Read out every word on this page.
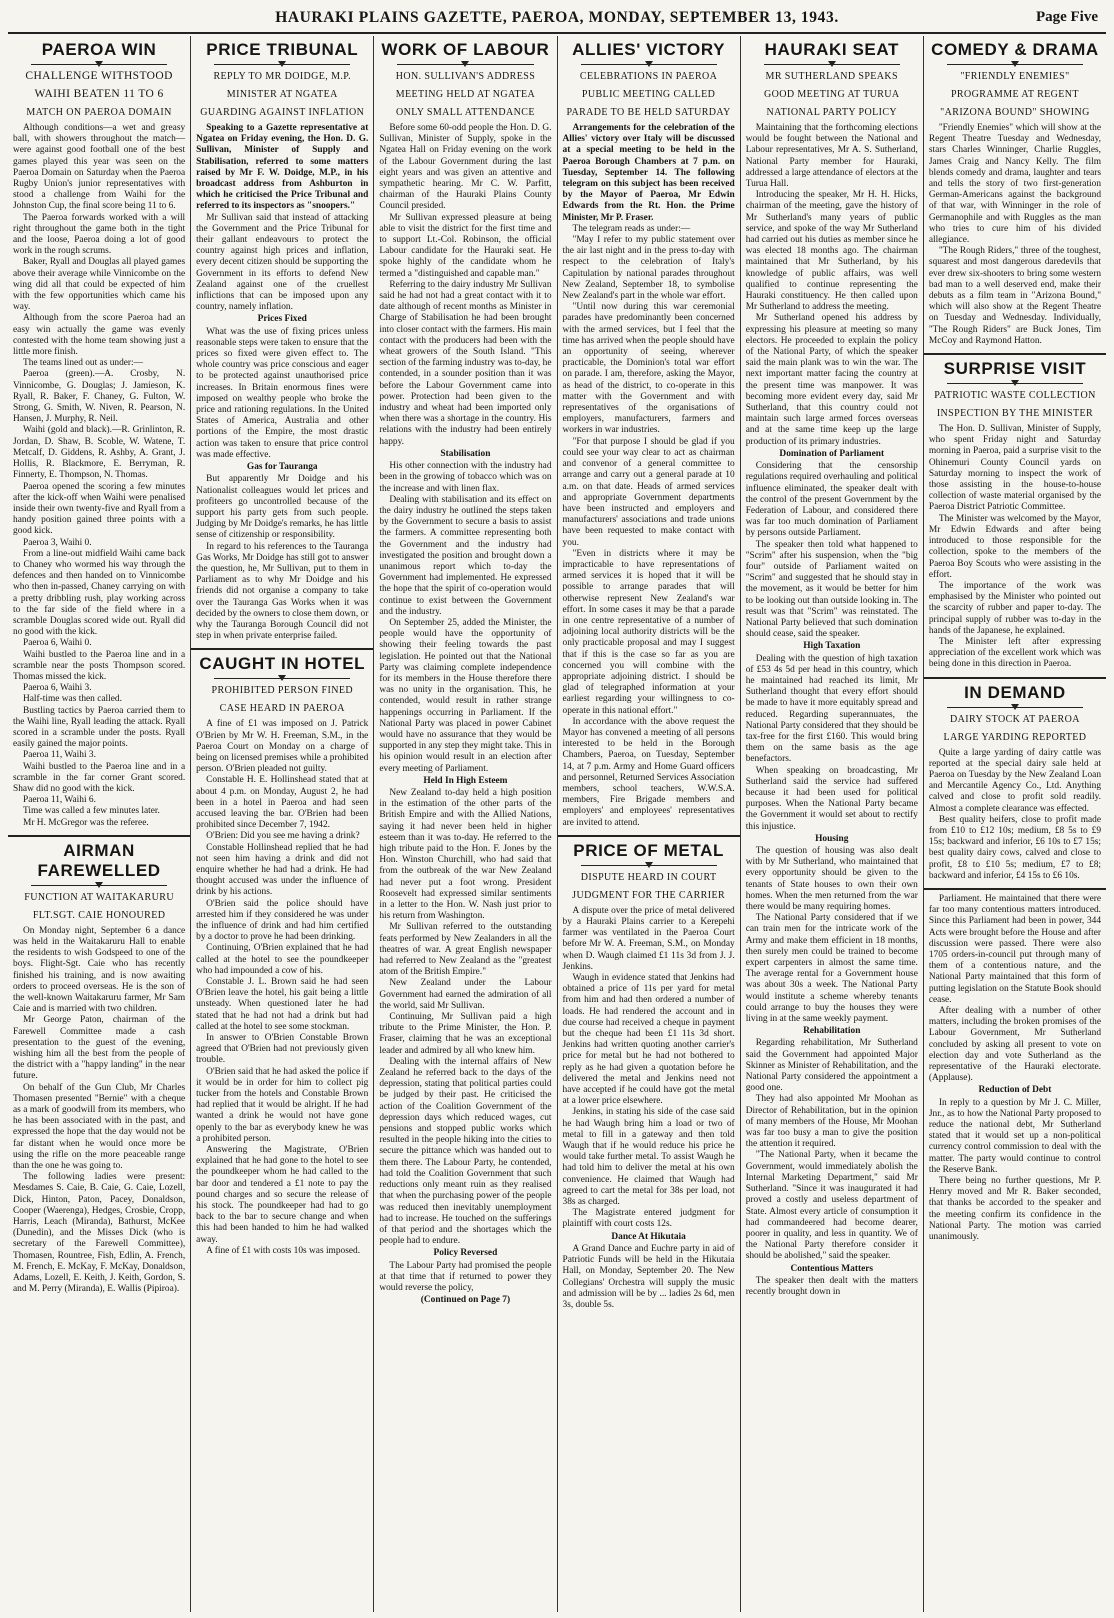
HAURAKI PLAINS GAZETTE, PAEROA, MONDAY, SEPTEMBER 13, 1943.	Page Five
PAEROA WIN
CHALLENGE WITHSTOOD
WAIHI BEATEN 11 TO 6
MATCH ON PAEROA DOMAIN

Although conditions—a wet and greasy ball, with showers throughout the match—were against good football one of the best games played this year was seen on the Paeroa Domain on Saturday when the Paeroa Rugby Union's junior representatives with stood a challenge from Waihi for the Johnston Cup, the final score being 11 to 6.

The Paeroa forwards worked with a will right throughout the game both in the tight and the loose, Paeroa doing a lot of good work in the rough scrums.

Baker, Ryall and Douglas all played games above their average while Vinnicombe on the wing did all that could be expected of him with the few opportunities which came his way.

Although from the score Paeroa had an easy win actually the game was evenly contested with the home team showing just a little more finish.

The teams lined out as under:—

Paeroa (green).—A. Crosby, N. Vinnicombe, G. Douglas; J. Jamieson, K. Ryall, R. Baker, F. Chaney, G. Fulton, W. Strong, G. Smith, W. Niven, R. Pearson, N. Hansen, J. Murphy, R. Neil.

Waihi (gold and black).—R. Grinlinton, R. Jordan, D. Shaw, B. Scoble, W. Watene, T. Metcalf, D. Giddens, R. Ashby, A. Grant, J. Hollis, R. Blackmore, E. Berryman, R. Finnerty, E. Thompson, N. Thomas.

Paeroa opened the scoring a few minutes after the kick-off when Waihi were penalised inside their own twenty-five and Ryall from a handy position gained three points with a good kick.

Paeroa 3, Waihi 0.

From a line-out midfield Waihi came back to Chaney who wormed his way through the defences and then handed on to Vinnicombe who then in-passed, Chaney carrying on with a pretty dribbling rush, play working across to the far side of the field where in a scramble Douglas scored wide out. Ryall did no good with the kick.

Paeroa 6, Waihi 0.

Waihi bustled to the Paeroa line and in a scramble near the posts Thompson scored. Thomas missed the kick.

Paeroa 6, Waihi 3.

Half-time was then called.

Bustling tactics by Paeroa carried them to the Waihi line, Ryall leading the attack. Ryall scored in a scramble under the posts. Ryall easily gained the major points.

Paeroa 11, Waihi 3.

Waihi bustled to the Paeroa line and in a scramble in the far corner Grant scored. Shaw did no good with the kick.

Paeroa 11, Waihi 6.

Time was called a few minutes later.

Mr H. McGregor was the referee.

AIRMAN FAREWELLED
FUNCTION AT WAITAKARURU
FLT.SGT. CAIE HONOURED

On Monday night, September 6 a dance was held in the Waitakaruru Hall to enable the residents to wish Godspeed to one of the boys. Flight-Sgt. Caie who has recently finished his training, and is now awaiting orders to proceed overseas. He is the son of the well-known Waitakaruru farmer, Mr Sam Caie and is married with two children.

Mr George Paton, chairman of the Farewell Committee made a cash presentation to the guest of the evening, wishing him all the best from the people of the district with a "happy landing" in the near future.

On behalf of the Gun Club, Mr Charles Thomasen presented "Bernie" with a cheque as a mark of goodwill from its members, who he has been associated with in the past, and expressed the hope that the day would not be far distant when he would once more be using the rifle on the more peaceable range than the one he was going to.

The following ladies were present: Mesdames S. Caie, B. Caie, G. Caie, Lozell, Dick, Hinton, Paton, Pacey, Donaldson, Cooper (Waerenga), Hedges, Crosbie, Cropp, Harris, Leach (Miranda), Bathurst, McKee (Dunedin), and the Misses Dick (who is secretary of the Farewell Committee), Thomasen, Rountree, Fish, Edlin, A. French, M. French, E. McKay, F. McKay, Donaldson, Adams, Lozell, E. Keith, J. Keith, Gordon, S. and M. Perry (Miranda), E. Wallis (Pipiroa).

PRICE TRIBUNAL
REPLY TO MR DOIDGE, M.P.
MINISTER AT NGATEA
GUARDING AGAINST INFLATION

Speaking to a Gazette representative at Ngatea on Friday evening, the Hon. D. G. Sullivan, Minister of Supply and Stabilisation, referred to some matters raised by Mr F. W. Doidge, M.P., in his broadcast address from Ashburton in which he criticised the Price Tribunal and referred to its inspectors as "snoopers."

Mr Sullivan said that instead of attacking the Government and the Price Tribunal for their gallant endeavours to protect the country against high prices and inflation, every decent citizen should be supporting the Government in its efforts to defend New Zealand against one of the cruellest inflictions that can be imposed upon any country, namely inflation.

Prices Fixed

What was the use of fixing prices unless reasonable steps were taken to ensure that the prices so fixed were given effect to. The whole country was price conscious and eager to be protected against unauthorised price increases. In Britain enormous fines were imposed on wealthy people who broke the price and rationing regulations. In the United States of America, Australia and other portions of the Empire, the most drastic action was taken to ensure that price control was made effective.

Gas for Tauranga

But apparently Mr Doidge and his Nationalist colleagues would let prices and profiteers go uncontrolled because of the support his party gets from such people. Judging by Mr Doidge's remarks, he has little sense of citizenship or responsibility.

In regard to his references to the Tauranga Gas Works, Mr Doidge has still got to answer the question, he, Mr Sullivan, put to them in Parliament as to why Mr Doidge and his friends did not organise a company to take over the Tauranga Gas Works when it was decided by the owners to close them down, or why the Tauranga Borough Council did not step in when private enterprise failed.

CAUGHT IN HOTEL
PROHIBITED PERSON FINED
CASE HEARD IN PAEROA

A fine of £1 was imposed on J. Patrick O'Brien by Mr W. H. Freeman, S.M., in the Paeroa Court on Monday on a charge of being on licensed premises while a prohibited person. O'Brien pleaded not guilty.

Constable H. E. Hollinshead stated that at about 4 p.m. on Monday, August 2, he had been in a hotel in Paeroa and had seen accused leaving the bar. O'Brien had been prohibited since December 7, 1942.

O'Brien: Did you see me having a drink?

Constable Hollinshead replied that he had not seen him having a drink and did not enquire whether he had had a drink. He had thought accused was under the influence of drink by his actions.

O'Brien said the police should have arrested him if they considered he was under the influence of drink and had him certified by a doctor to prove he had been drinking.

Continuing, O'Brien explained that he had called at the hotel to see the poundkeeper who had impounded a cow of his.

Constable J. L. Brown said he had seen O'Brien leave the hotel, his gait being a little unsteady. When questioned later he had stated that he had not had a drink but had called at the hotel to see some stockman.

In answer to O'Brien Constable Brown agreed that O'Brien had not previously given trouble.

O'Brien said that he had asked the police if it would be in order for him to collect pig tucker from the hotels and Constable Brown had replied that it would be alright. If he had wanted a drink he would not have gone openly to the bar as everybody knew he was a prohibited person.

Answering the Magistrate, O'Brien explained that he had gone to the hotel to see the poundkeeper whom he had called to the bar door and tendered a £1 note to pay the pound charges and so secure the release of his stock. The poundkeeper had had to go back to the bar to secure change and when this had been handed to him he had walked away.

A fine of £1 with costs 10s was imposed.

WORK OF LABOUR
HON. SULLIVAN'S ADDRESS
MEETING HELD AT NGATEA
ONLY SMALL ATTENDANCE

Before some 60-odd people the Hon. D. G. Sullivan, Minister of Supply, spoke in the Ngatea Hall on Friday evening on the work of the Labour Government during the last eight years and was given an attentive and sympathetic hearing. Mr C. W. Parfitt, chairman of the Hauraki Plains County Council presided.

Mr Sullivan expressed pleasure at being able to visit the district for the first time and to support Lt.-Col. Robinson, the official Labour candidate for the Hauraki seat. He spoke highly of the candidate whom he termed a "distinguished and capable man."

Referring to the dairy industry Mr Sullivan said he had not had a great contact with it to date although of recent months as Minister in Charge of Stabilisation he had been brought into closer contact with the farmers. His main contact with the producers had been with the wheat growers of the South Island. "This section of the farming industry was to-day, he contended, in a sounder position than it was before the Labour Government came into power. Protection had been given to the industry and wheat had been imported only when there was a shortage in the country. His relations with the industry had been entirely happy.

Stabilisation

His other connection with the industry had been in the growing of tobacco which was on the increase and with linen flax.

Dealing with stabilisation and its effect on the dairy industry he outlined the steps taken by the Government to secure a basis to assist the farmers. A committee representing both the Government and the industry had investigated the position and brought down a unanimous report which to-day the Government had implemented. He expressed the hope that the spirit of co-operation would continue to exist between the Government and the industry.

On September 25, added the Minister, the people would have the opportunity of showing their feeling towards the past legislation. He pointed out that the National Party was claiming complete independence for its members in the House therefore there was no unity in the organisation. This, he contended, would result in rather strange happenings occurring in Parliament. If the National Party was placed in power Cabinet would have no assurance that they would be supported in any step they might take. This in his opinion would result in an election after every meeting of Parliament.

Held In High Esteem

New Zealand to-day held a high position in the estimation of the other parts of the British Empire and with the Allied Nations, saying it had never been held in higher esteem than it was to-day. He referred to the high tribute paid to the Hon. F. Jones by the Hon. Winston Churchill, who had said that from the outbreak of the war New Zealand had never put a foot wrong. President Roosevelt had expressed similar sentiments in a letter to the Hon. W. Nash just prior to his return from Washington.

Mr Sullivan referred to the outstanding feats performed by New Zealanders in all the theatres of war. A great English newspaper had referred to New Zealand as the "greatest atom of the British Empire."

New Zealand under the Labour Government had earned the admiration of all the world, said Mr Sullivan.

Continuing, Mr Sullivan paid a high tribute to the Prime Minister, the Hon. P. Fraser, claiming that he was an exceptional leader and admired by all who knew him.

Dealing with the internal affairs of New Zealand he referred back to the days of the depression, stating that political parties could be judged by their past. He criticised the action of the Coalition Government of the depression days which reduced wages, cut pensions and stopped public works which resulted in the people hiking into the cities to secure the pittance which was handed out to them there. The Labour Party, he contended, had told the Coalition Government that such reductions only meant ruin as they realised that when the purchasing power of the people was reduced then inevitably unemployment had to increase. He touched on the sufferings of that period and the shortages which the people had to endure.

Policy Reversed

The Labour Party had promised the people at that time that if returned to power they would reverse the policy,

(Continued on Page 7)

ALLIES' VICTORY
CELEBRATIONS IN PAEROA
PUBLIC MEETING CALLED
PARADE TO BE HELD SATURDAY

Arrangements for the celebration of the Allies' victory over Italy will be discussed at a special meeting to be held in the Paeroa Borough Chambers at 7 p.m. on Tuesday, September 14. The following telegram on this subject has been received by the Mayor of Paeroa, Mr Edwin Edwards from the Rt. Hon. the Prime Minister, Mr P. Fraser.

The telegram reads as under:—

"May I refer to my public statement over the air last night and in the press to-day with respect to the celebration of Italy's Capitulation by national parades throughout New Zealand, September 18, to symbolise New Zealand's part in the whole war effort.

"Until now during this war ceremonial parades have predominantly been concerned with the armed services, but I feel that the time has arrived when the people should have an opportunity of seeing, wherever practicable, the Dominion's total war effort on parade. I am, therefore, asking the Mayor, as head of the district, to co-operate in this matter with the Government and with representatives of the organisations of employers, manufacturers, farmers and workers in war industries.

"For that purpose I should be glad if you could see your way clear to act as chairman and convenor of a general committee to arrange and carry out a general parade at 10 a.m. on that date. Heads of armed services and appropriate Government departments have been instructed and employers and manufacturers' associations and trade unions have been requested to make contact with you.

"Even in districts where it may be impracticable to have representations of armed services it is hoped that it will be possible to arrange parades that will otherwise represent New Zealand's war effort. In some cases it may be that a parade in one centre representative of a number of adjoining local authority districts will be the only practicable proposal and may I suggest that if this is the case so far as you are concerned you will combine with the appropriate adjoining district. I should be glad of telegraphed information at your earliest regarding your willingness to co-operate in this national effort."

In accordance with the above request the Mayor has convened a meeting of all persons interested to be held in the Borough Chambers, Paeroa, on Tuesday, September 14, at 7 p.m. Army and Home Guard officers and personnel, Returned Services Association members, school teachers, W.W.S.A. members, Fire Brigade members and employers' and employees' representatives are invited to attend.

PRICE OF METAL
DISPUTE HEARD IN COURT
JUDGMENT FOR THE CARRIER

A dispute over the price of metal delivered by a Hauraki Plains carrier to a Kerepehi farmer was ventilated in the Paeroa Court before Mr W. A. Freeman, S.M., on Monday when D. Waugh claimed £1 11s 3d from J. J. Jenkins.

Waugh in evidence stated that Jenkins had obtained a price of 11s per yard for metal from him and had then ordered a number of loads. He had rendered the account and in due course had received a cheque in payment but the cheque had been £1 11s 3d short. Jenkins had written quoting another carrier's price for metal but he had not bothered to reply as he had given a quotation before he delivered the metal and Jenkins need not have accepted if he could have got the metal at a lower price elsewhere.

Jenkins, in stating his side of the case said he had Waugh bring him a load or two of metal to fill in a gateway and then told Waugh that if he would reduce his price he would take further metal. To assist Waugh he had told him to deliver the metal at his own convenience. He claimed that Waugh had agreed to cart the metal for 38s per load, not 38s as charged.

The Magistrate entered judgment for plaintiff with court costs 12s.

Dance At Hikutaia

A Grand Dance and Euchre party in aid of Patriotic Funds will be held in the Hikutaia Hall, on Monday, September 20. The New Collegians' Orchestra will supply the music and admission will be by ... ladies 2s 6d, men 3s, double 5s.

HAURAKI SEAT
MR SUTHERLAND SPEAKS
GOOD MEETING AT TURUA
NATIONAL PARTY POLICY

Maintaining that the forthcoming elections would be fought between the National and Labour representatives, Mr A. S. Sutherland, National Party member for Hauraki, addressed a large attendance of electors at the Turua Hall.

Introducing the speaker, Mr H. H. Hicks, chairman of the meeting, gave the history of Mr Sutherland's many years of public service, and spoke of the way Mr Sutherland had carried out his duties as member since he was elected 18 months ago. The chairman maintained that Mr Sutherland, by his knowledge of public affairs, was well qualified to continue representing the Hauraki constituency. He then called upon Mr Sutherland to address the meeting.

Mr Sutherland opened his address by expressing his pleasure at meeting so many electors. He proceeded to explain the policy of the National Party, of which the speaker said the main plank was to win the war. The next important matter facing the country at the present time was manpower. It was becoming more evident every day, said Mr Sutherland, that this country could not maintain such large armed forces overseas and at the same time keep up the large production of its primary industries.

Domination of Parliament

Considering that the censorship regulations required overhauling and political influence eliminated, the speaker dealt with the control of the present Government by the Federation of Labour, and considered there was far too much domination of Parliament by persons outside Parliament.

The speaker then told what happened to "Scrim" after his suspension, when the "big four" outside of Parliament waited on "Scrim" and suggested that he should stay in the movement, as it would be better for him to be looking out than outside looking in. The result was that "Scrim" was reinstated. The National Party believed that such domination should cease, said the speaker.

High Taxation

Dealing with the question of high taxation of £53 4s 5d per head in this country, which he maintained had reached its limit, Mr Sutherland thought that every effort should be made to have it more equitably spread and reduced. Regarding superannuates, the National Party considered that they should be tax-free for the first £160. This would bring them on the same basis as the age benefactors.

When speaking on broadcasting, Mr Sutherland said the service had suffered because it had been used for political purposes. When the National Party became the Government it would set about to rectify this injustice.

Housing

The question of housing was also dealt with by Mr Sutherland, who maintained that every opportunity should be given to the tenants of State houses to own their own homes. When the men returned from the war there would be many requiring homes.

The National Party considered that if we can train men for the intricate work of the Army and make them efficient in 18 months, then surely men could be trained to become expert carpenters in almost the same time. The average rental for a Government house was about 30s a week. The National Party would institute a scheme whereby tenants could arrange to buy the houses they were living in at the same weekly payment.

Rehabilitation

Regarding rehabilitation, Mr Sutherland said the Government had appointed Major Skinner as Minister of Rehabilitation, and the National Party considered the appointment a good one.

They had also appointed Mr Moohan as Director of Rehabilitation, but in the opinion of many members of the House, Mr Moohan was far too busy a man to give the position the attention it required.

"The National Party, when it became the Government, would immediately abolish the Internal Marketing Department," said Mr Sutherland. "Since it was inaugurated it had proved a costly and useless department of State. Almost every article of consumption it had commandeered had become dearer, poorer in quality, and less in quantity. We of the National Party therefore consider it should be abolished," said the speaker.

Contentious Matters

The speaker then dealt with the matters recently brought down in

COMEDY & DRAMA
"FRIENDLY ENEMIES"
PROGRAMME AT REGENT
"ARIZONA BOUND" SHOWING

"Friendly Enemies" which will show at the Regent Theatre Tuesday and Wednesday, stars Charles Winninger, Charlie Ruggles, James Craig and Nancy Kelly. The film blends comedy and drama, laughter and tears and tells the story of two first-generation German-Americans against the background of that war, with Winninger in the role of Germanophile and with Ruggles as the man who tries to cure him of his divided allegiance.

"The Rough Riders," three of the toughest, squarest and most dangerous daredevils that ever drew six-shooters to bring some western bad man to a well deserved end, make their debuts as a film team in "Arizona Bound," which will also show at the Regent Theatre on Tuesday and Wednesday. Individually, "The Rough Riders" are Buck Jones, Tim McCoy and Raymond Hatton.

SURPRISE VISIT
PATRIOTIC WASTE COLLECTION
INSPECTION BY THE MINISTER

The Hon. D. Sullivan, Minister of Supply, who spent Friday night and Saturday morning in Paeroa, paid a surprise visit to the Ohinemuri County Council yards on Saturday morning to inspect the work of those assisting in the house-to-house collection of waste material organised by the Paeroa District Patriotic Committee.

The Minister was welcomed by the Mayor, Mr Edwin Edwards and after being introduced to those responsible for the collection, spoke to the members of the Paeroa Boy Scouts who were assisting in the effort.

The importance of the work was emphasised by the Minister who pointed out the scarcity of rubber and paper to-day. The principal supply of rubber was to-day in the hands of the Japanese, he explained.

The Minister left after expressing appreciation of the excellent work which was being done in this direction in Paeroa.

IN DEMAND
DAIRY STOCK AT PAEROA
LARGE YARDING REPORTED

Quite a large yarding of dairy cattle was reported at the special dairy sale held at Paeroa on Tuesday by the New Zealand Loan and Mercantile Agency Co., Ltd. Anything calved and close to profit sold readily. Almost a complete clearance was effected.

Best quality heifers, close to profit made from £10 to £12 10s; medium, £8 5s to £9 15s; backward and inferior, £6 10s to £7 15s; best quality dairy cows, calved and close to profit, £8 to £10 5s; medium, £7 to £8; backward and inferior, £4 15s to £6 10s.

Parliament. He maintained that there were far too many contentious matters introduced. Since this Parliament had been in power, 344 Acts were brought before the House and after discussion were passed. There were also 1705 orders-in-council put through many of them of a contentious nature, and the National Party maintained that this form of putting legislation on the Statute Book should cease.

After dealing with a number of other matters, including the broken promises of the Labour Government, Mr Sutherland concluded by asking all present to vote on election day and vote Sutherland as the representative of the Hauraki electorate. (Applause).

Reduction of Debt

In reply to a question by Mr J. C. Miller, Jnr., as to how the National Party proposed to reduce the national debt, Mr Sutherland stated that it would set up a non-political currency control commission to deal with the matter. The party would continue to control the Reserve Bank.

There being no further questions, Mr P. Henry moved and Mr R. Baker seconded, that thanks be accorded to the speaker and the meeting confirm its confidence in the National Party. The motion was carried unanimously.
